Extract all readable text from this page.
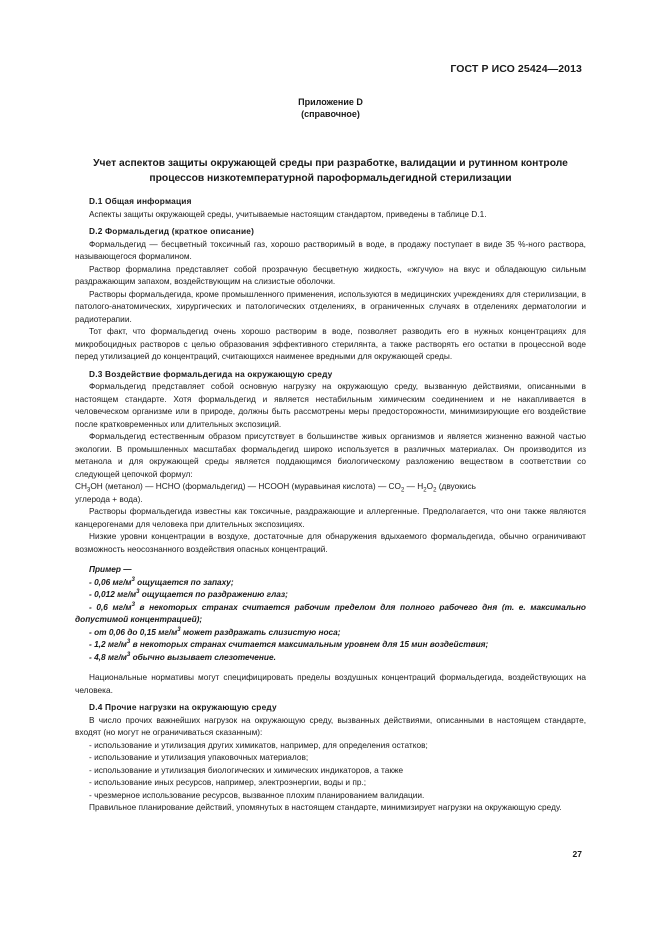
ГОСТ Р ИСО 25424—2013
Приложение D
(справочное)
Учет аспектов защиты окружающей среды при разработке, валидации и рутинном контроле
процессов низкотемпературной пароформальдегидной стерилизации
D.1 Общая информация

Аспекты защиты окружающей среды, учитываемые настоящим стандартом, приведены в таблице D.1.

D.2 Формальдегид (краткое описание)

Формальдегид — бесцветный токсичный газ, хорошо растворимый в воде, в продажу поступает в виде 35 %-ного раствора, называющегося формалином.

Раствор формалина представляет собой прозрачную бесцветную жидкость, «жгучую» на вкус и обладающую сильным раздражающим запахом, воздействующим на слизистые оболочки.

Растворы формальдегида, кроме промышленного применения, используются в медицинских учреждениях для стерилизации, в патолого-анатомических, хирургических и патологических отделениях, в ограниченных случаях в отделениях дерматологии и радиотерапии.

Тот факт, что формальдегид очень хорошо растворим в воде, позволяет разводить его в нужных концентрациях для микробоцидных растворов с целью образования эффективного стерилянта, а также растворять его остатки в процессной воде перед утилизацией до концентраций, считающихся наименее вредными для окружающей среды.

D.3 Воздействие формальдегида на окружающую среду

Формальдегид представляет собой основную нагрузку на окружающую среду, вызванную действиями, описанными в настоящем стандарте. Хотя формальдегид и является нестабильным химическим соединением и не накапливается в человеческом организме или в природе, должны быть рассмотрены меры предосторожности, минимизирующие его воздействие после кратковременных или длительных экспозиций.

Формальдегид естественным образом присутствует в большинстве живых организмов и является жизненно важной частью экологии. В промышленных масштабах формальдегид широко используется в различных материалах. Он производится из метанола и для окружающей среды является поддающимся биологическому разложению веществом в соответствии со следующей цепочкой формул:

$CH_3OH$ (метанол) — HCHO (формальдегид) — HCOOH (муравьиная кислота) — $CO_2$ — $H_2O_2$ (двуокись

углерода + вода).

Растворы формальдегида известны как токсичные, раздражающие и аллергенные. Предполагается, что они также являются канцерогенами для человека при длительных экспозициях.

Низкие уровни концентрации в воздухе, достаточные для обнаружения вдыхаемого формальдегида, обычно ограничивают возможность неосознанного воздействия опасных концентраций.

Пример —

- 0,06 $мг/м^3$ ощущается по запаху;

- 0,012 $мг/м^3$ ощущается по раздражению глаз;

- 0,6 $мг/м^3$ в некоторых странах считается рабочим пределом для полного рабочего дня (т. е. максимально допустимой концентрацией);

- от 0,06 до 0,15 $мг/м^3$ может раздражать слизистую носа;

- 1,2 $мг/м^3$ в некоторых странах считается максимальным уровнем для 15 мин воздействия;

- 4,8 $мг/м^3$ обычно вызывает слезотечение.

Национальные нормативы могут специфицировать пределы воздушных концентраций формальдегида, воздействующих на человека.

D.4 Прочие нагрузки на окружающую среду

В число прочих важнейших нагрузок на окружающую среду, вызванных действиями, описанными в настоящем стандарте, входят (но могут не ограничиваться сказанным):

- использование и утилизация других химикатов, например, для определения остатков;

- использование и утилизация упаковочных материалов;

- использование и утилизация биологических и химических индикаторов, а также

- использование иных ресурсов, например, электроэнергии, воды и пр.;

- чрезмерное использование ресурсов, вызванное плохим планированием валидации.

Правильное планирование действий, упомянутых в настоящем стандарте, минимизирует нагрузки на окружающую среду.

27
